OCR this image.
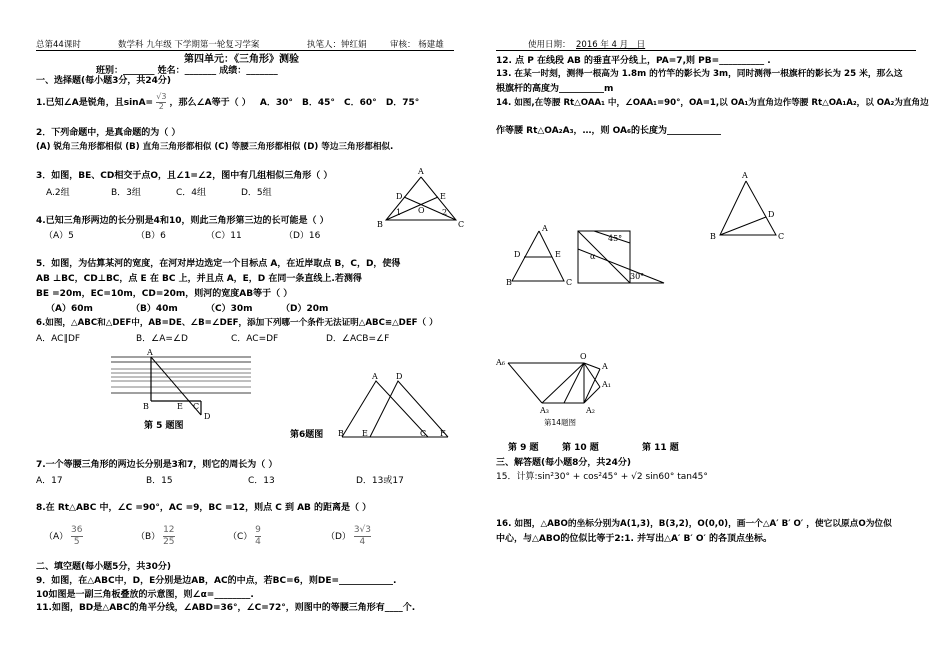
总第44课时	数学科 九年级 下学期第一轮复习学案	执笔人：钟红娟	审核： 杨建雄	使用日期： 2016 年 4 月__日
第四单元：《三角形》测验
班别：_______ 姓名：_______ 成绩：_______
一、选择题(每小题3分，共24分)
1.已知∠A是锐角，且$\sin A= \frac{√3}{2}$ ，那么∠A等于（ ） A．30° B．45° C．60° D．75°
2．下列命题中，是真命题的为（ ）
(A) 锐角三角形都相似 (B) 直角三角形都相似 (C) 等腰三角形都相似 (D) 等边三角形都相似.
3．如图，BE、CD相交于点O，且∠1=∠2，图中有几组相似三角形（ ）
A.2组	B．3组	C．4组	D．5组
A
D	E
O
B	C
1	2
4.已知三角形两边的长分别是4和10，则此三角形第三边的长可能是（ ）
（A）5	（B）6	（C）11	（D）16
5．如图，为估算某河的宽度，在河对岸边选定一个目标点 A，在近岸取点 B，C，D，使得
AB ⊥BC，CD⊥BC，点 E 在 BC 上，并且点 A，E，D 在同一条直线上.若测得
BE =20m，EC=10m，CD=20m，则河的宽度AB等于（ ）
（A）60m	（B）40m	（C）30m	（D）20m
6.如图，△ABC和△DEF中，AB=DE、∠B=∠DEF，添加下列哪一个条件无法证明△ABC≌△DEF（ ）
A．AC∥DF	B．∠A=∠D	C．AC=DF	D．∠ACB=∠F
A
B	E C
D
第 5 题图
A D
第6题图 B E	C F
7.一个等腰三角形的两边长分别是3和7，则它的周长为（ ）
A．17	B．15	C．13	D．13或17
8.在 Rt△ABC 中，∠C =90°，AC =9，BC =12，则点 C 到 AB 的距离是（ ）
$(A) \frac{36}{5}$	$(B) \frac{12}{25}$	$(C) \frac{9}{4}$	$(D) \frac{3√3}{4}$
二、填空题(每小题5分，共30分)
9．如图，在△ABC中，D，E分别是边AB，AC的中点，若BC=6，则DE=____________.
10如图是一副三角板叠放的示意图，则∠α=________.
11.如图，BD是△ABC的角平分线，∠ABD=36°，∠C=72°，则图中的等腰三角形有____个.
12. 点 P 在线段 AB 的垂直平分线上，PA=7,则 PB=__________ .
13. 在某一时刻，测得一根高为 1.8m 的竹竿的影长为 3m，同时测得一根旗杆的影长为 25 米，那么这
根旗杆的高度为__________m
14. 如图,在等腰 Rt△OAA₁ 中，∠OAA₁=90°，OA=1,以 OA₁为直角边作等腰 Rt△OA₁A₂，以 OA₂为直角边
作等腰 Rt△OA₂A₃，…，则 OA₆的长度为____________
A
D
B	C
A
D	E
B	C
45°
α
30°
A₆
O
A
A₁
A₂
A₃
第14题图
第 9 题	第 10 题	第 11 题
三、解答题(每小题8分，共24分)
15．计算:sin²30° + cos²45° + √2 sin60° tan45°
16. 如图，△ABO的坐标分别为A(1,3)，B(3,2)，O(0,0)，画一个△A′ B′ O′ ，使它以原点O为位似
中心，与△ABO的位似比等于2:1. 并写出△A′ B′ O′ 的各顶点坐标。
